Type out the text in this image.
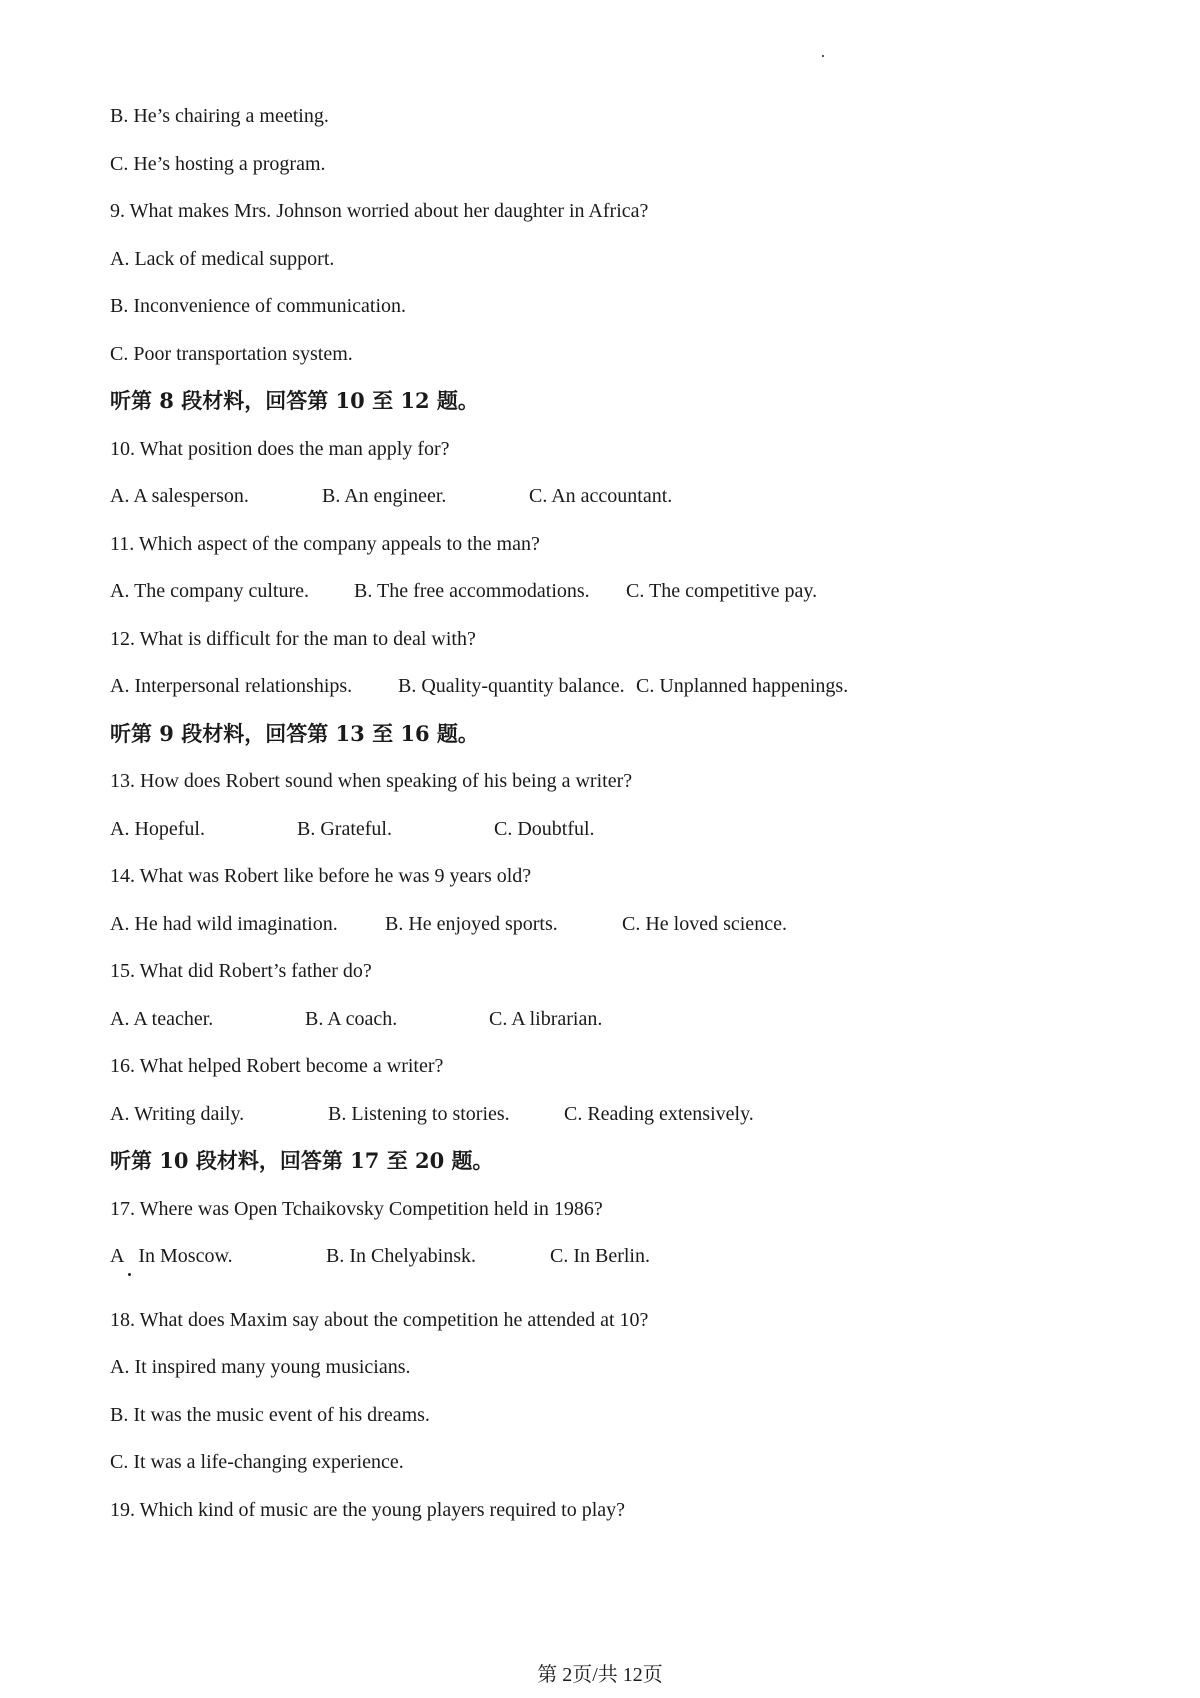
B. He’s chairing a meeting.
C. He’s hosting a program.
9. What makes Mrs. Johnson worried about her daughter in Africa?
A. Lack of medical support.
B. Inconvenience of communication.
C. Poor transportation system.
听第 8 段材料，回答第 10 至 12 题。
10. What position does the man apply for?
A. A salesperson.	B. An engineer.	C. An accountant.
11. Which aspect of the company appeals to the man?
A. The company culture. B. The free accommodations. C. The competitive pay.
12. What is difficult for the man to deal with?
A. Interpersonal relationships. B. Quality-quantity balance. C. Unplanned happenings.
听第 9 段材料，回答第 13 至 16 题。
13. How does Robert sound when speaking of his being a writer?
A. Hopeful.	B. Grateful.	C. Doubtful.
14. What was Robert like before he was 9 years old?
A. He had wild imagination. B. He enjoyed sports.	C. He loved science.
15. What did Robert’s father do?
A. A teacher.	B. A coach.	C. A librarian.
16. What helped Robert become a writer?
A. Writing daily.	B. Listening to stories.	C. Reading extensively.
听第 10 段材料，回答第 17 至 20 题。
17. Where was Open Tchaikovsky Competition held in 1986?
A   In Moscow.	B. In Chelyabinsk.	C. In Berlin.
18. What does Maxim say about the competition he attended at 10?
A. It inspired many young musicians.
B. It was the music event of his dreams.
C. It was a life-changing experience.
19. Which kind of music are the young players required to play?
第 2页/共 12页
